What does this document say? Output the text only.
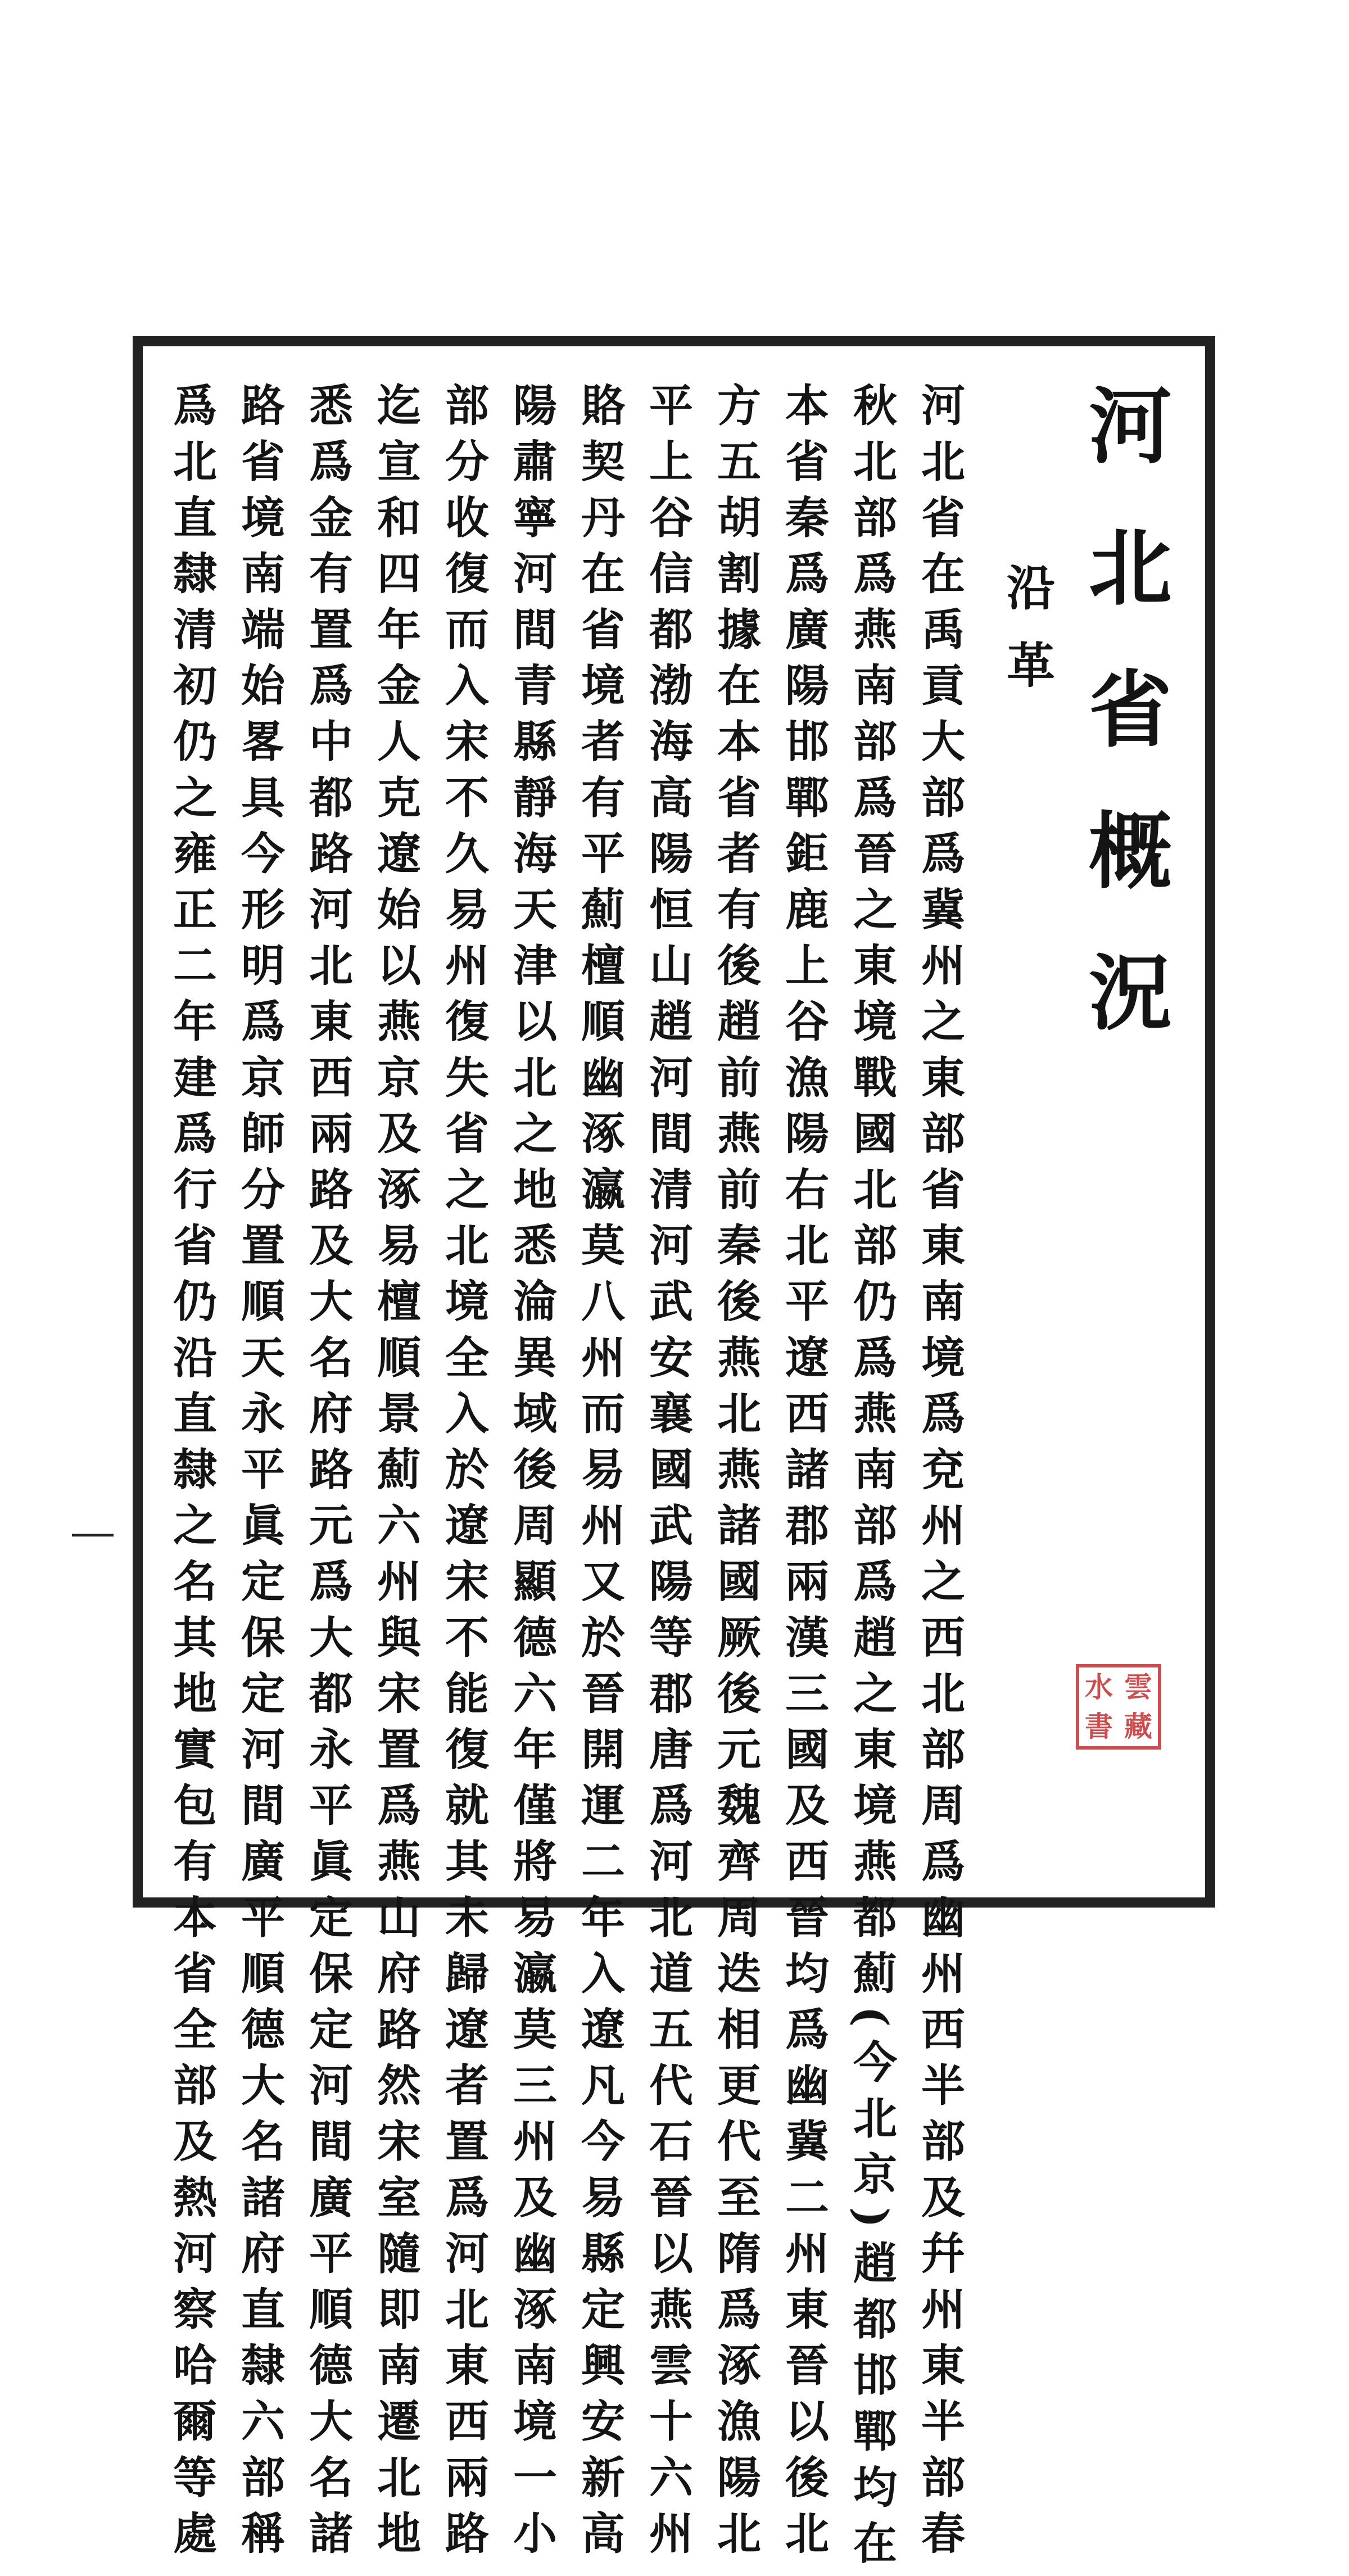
河北省概況
沿革
河北省在禹貢大部爲冀州之東部省東南境爲兗州之西北部周爲幽州西半部及幷州東半部春
秋北部爲燕南部爲晉之東境戰國北部仍爲燕南部爲趙之東境燕都薊(今北京)趙都邯鄲均在
本省秦爲廣陽邯鄲鉅鹿上谷漁陽右北平遼西諸郡兩漢三國及西晉均爲幽冀二州東晉以後北
方五胡割據在本省者有後趙前燕前秦後燕北燕諸國厥後元魏齊周迭相更代至隋爲涿漁陽北
平上谷信都渤海高陽恒山趙河間清河武安襄國武陽等郡唐爲河北道五代石晉以燕雲十六州
賂契丹在省境者有平薊檀順幽涿瀛莫八州而易州又於晉開運二年入遼凡今易縣定興安新高
陽肅寧河間青縣靜海天津以北之地悉淪異域後周顯德六年僅將易瀛莫三州及幽涿南境一小
部分收復而入宋不久易州復失省之北境全入於遼宋不能復就其未歸遼者置爲河北東西兩路
迄宣和四年金人克遼始以燕京及涿易檀順景薊六州與宋置爲燕山府路然宋室隨即南遷北地
悉爲金有置爲中都路河北東西兩路及大名府路元爲大都永平眞定保定河間廣平順德大名諸
路省境南端始畧具今形明爲京師分置順天永平眞定保定河間廣平順德大名諸府直隸六部稱
爲北直隸清初仍之雍正二年建爲行省仍沿直隸之名其地實包有本省全部及熱河察哈爾等處	水 雲
書 藏
